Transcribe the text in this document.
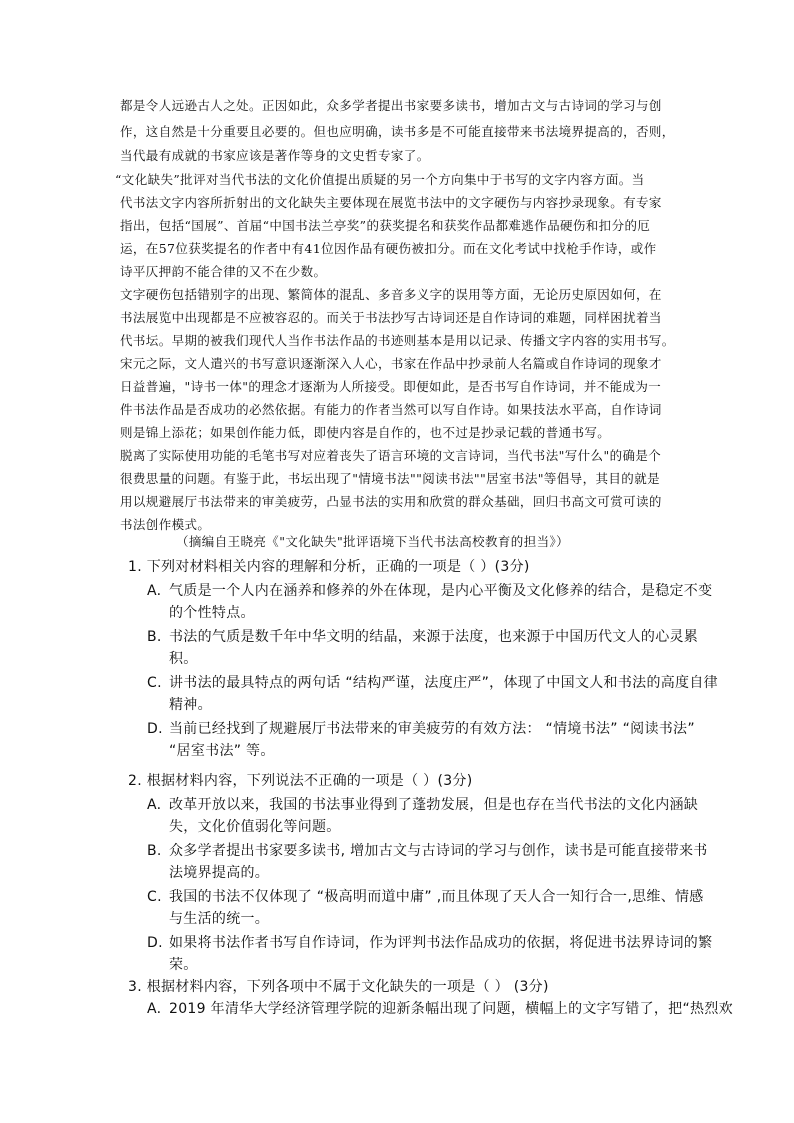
都是令人远逊古人之处。正因如此，众多学者提出书家要多读书，增加古文与古诗词的学习与创
作，这自然是十分重要且必要的。但也应明确，读书多是不可能直接带来书法境界提高的，否则，
当代最有成就的书家应该是著作等身的文史哲专家了。
“文化缺失”批评对当代书法的文化价值提出质疑的另一个方向集中于书写的文字内容方面。当
代书法文字内容所折射出的文化缺失主要体现在展览书法中的文字硬伤与内容抄录现象。有专家
指出，包括“国展”、首届“中国书法兰亭奖”的获奖提名和获奖作品都难逃作品硬伤和扣分的厄
运，在57位获奖提名的作者中有41位因作品有硬伤被扣分。而在文化考试中找枪手作诗，或作
诗平仄押韵不能合律的又不在少数。
文字硬伤包括错别字的出现、繁简体的混乱、多音多义字的误用等方面，无论历史原因如何，在
书法展览中出现都是不应被容忍的。而关于书法抄写古诗词还是自作诗词的难题，同样困扰着当
代书坛。早期的被我们现代人当作书法作品的书迹则基本是用以记录、传播文字内容的实用书写。
宋元之际，文人遣兴的书写意识逐渐深入人心，书家在作品中抄录前人名篇或自作诗词的现象才
日益普遍，"诗书一体"的理念才逐渐为人所接受。即便如此，是否书写自作诗词，并不能成为一
件书法作品是否成功的必然依据。有能力的作者当然可以写自作诗。如果技法水平高，自作诗词
则是锦上添花；如果创作能力低，即使内容是自作的，也不过是抄录记载的普通书写。
脱离了实际使用功能的毛笔书写对应着丧失了语言环境的文言诗词，当代书法"写什么"的确是个
很费思量的问题。有鉴于此，书坛出现了"情境书法""阅读书法""居室书法"等倡导，其目的就是
用以规避展厅书法带来的审美疲劳，凸显书法的实用和欣赏的群众基础，回归书高文可赏可读的
书法创作模式。
（摘编自王晓亮《"文化缺失"批评语境下当代书法高校教育的担当》）
1. 下列对材料相关内容的理解和分析，正确的一项是（ ）(3分)
A. 气质是一个人内在涵养和修养的外在体现，是内心平衡及文化修养的结合，是稳定不变
的个性特点。
B. 书法的气质是数千年中华文明的结晶，来源于法度，也来源于中国历代文人的心灵累
积。
C. 讲书法的最具特点的两句话 “结构严谨，法度庄严”，体现了中国文人和书法的高度自律
精神。
D. 当前已经找到了规避展厅书法带来的审美疲劳的有效方法： “情境书法” “阅读书法”
“居室书法” 等。
2. 根据材料内容，下列说法不正确的一项是（ ）(3分)
A. 改革开放以来，我国的书法事业得到了蓬勃发展，但是也存在当代书法的文化内涵缺
失，文化价值弱化等问题。
B. 众多学者提出书家要多读书, 增加古文与古诗词的学习与创作，读书是可能直接带来书
法境界提高的。
C. 我国的书法不仅体现了 “极高明而道中庸” ,而且体现了天人合一知行合一,思维、情感
与生活的统一。
D. 如果将书法作者书写自作诗词，作为评判书法作品成功的依据，将促进书法界诗词的繁
荣。
3. 根据材料内容，下列各项中不属于文化缺失的一项是（ ） (3分)
A. 2019 年清华大学经济管理学院的迎新条幅出现了问题，横幅上的文字写错了，把“热烈欢
